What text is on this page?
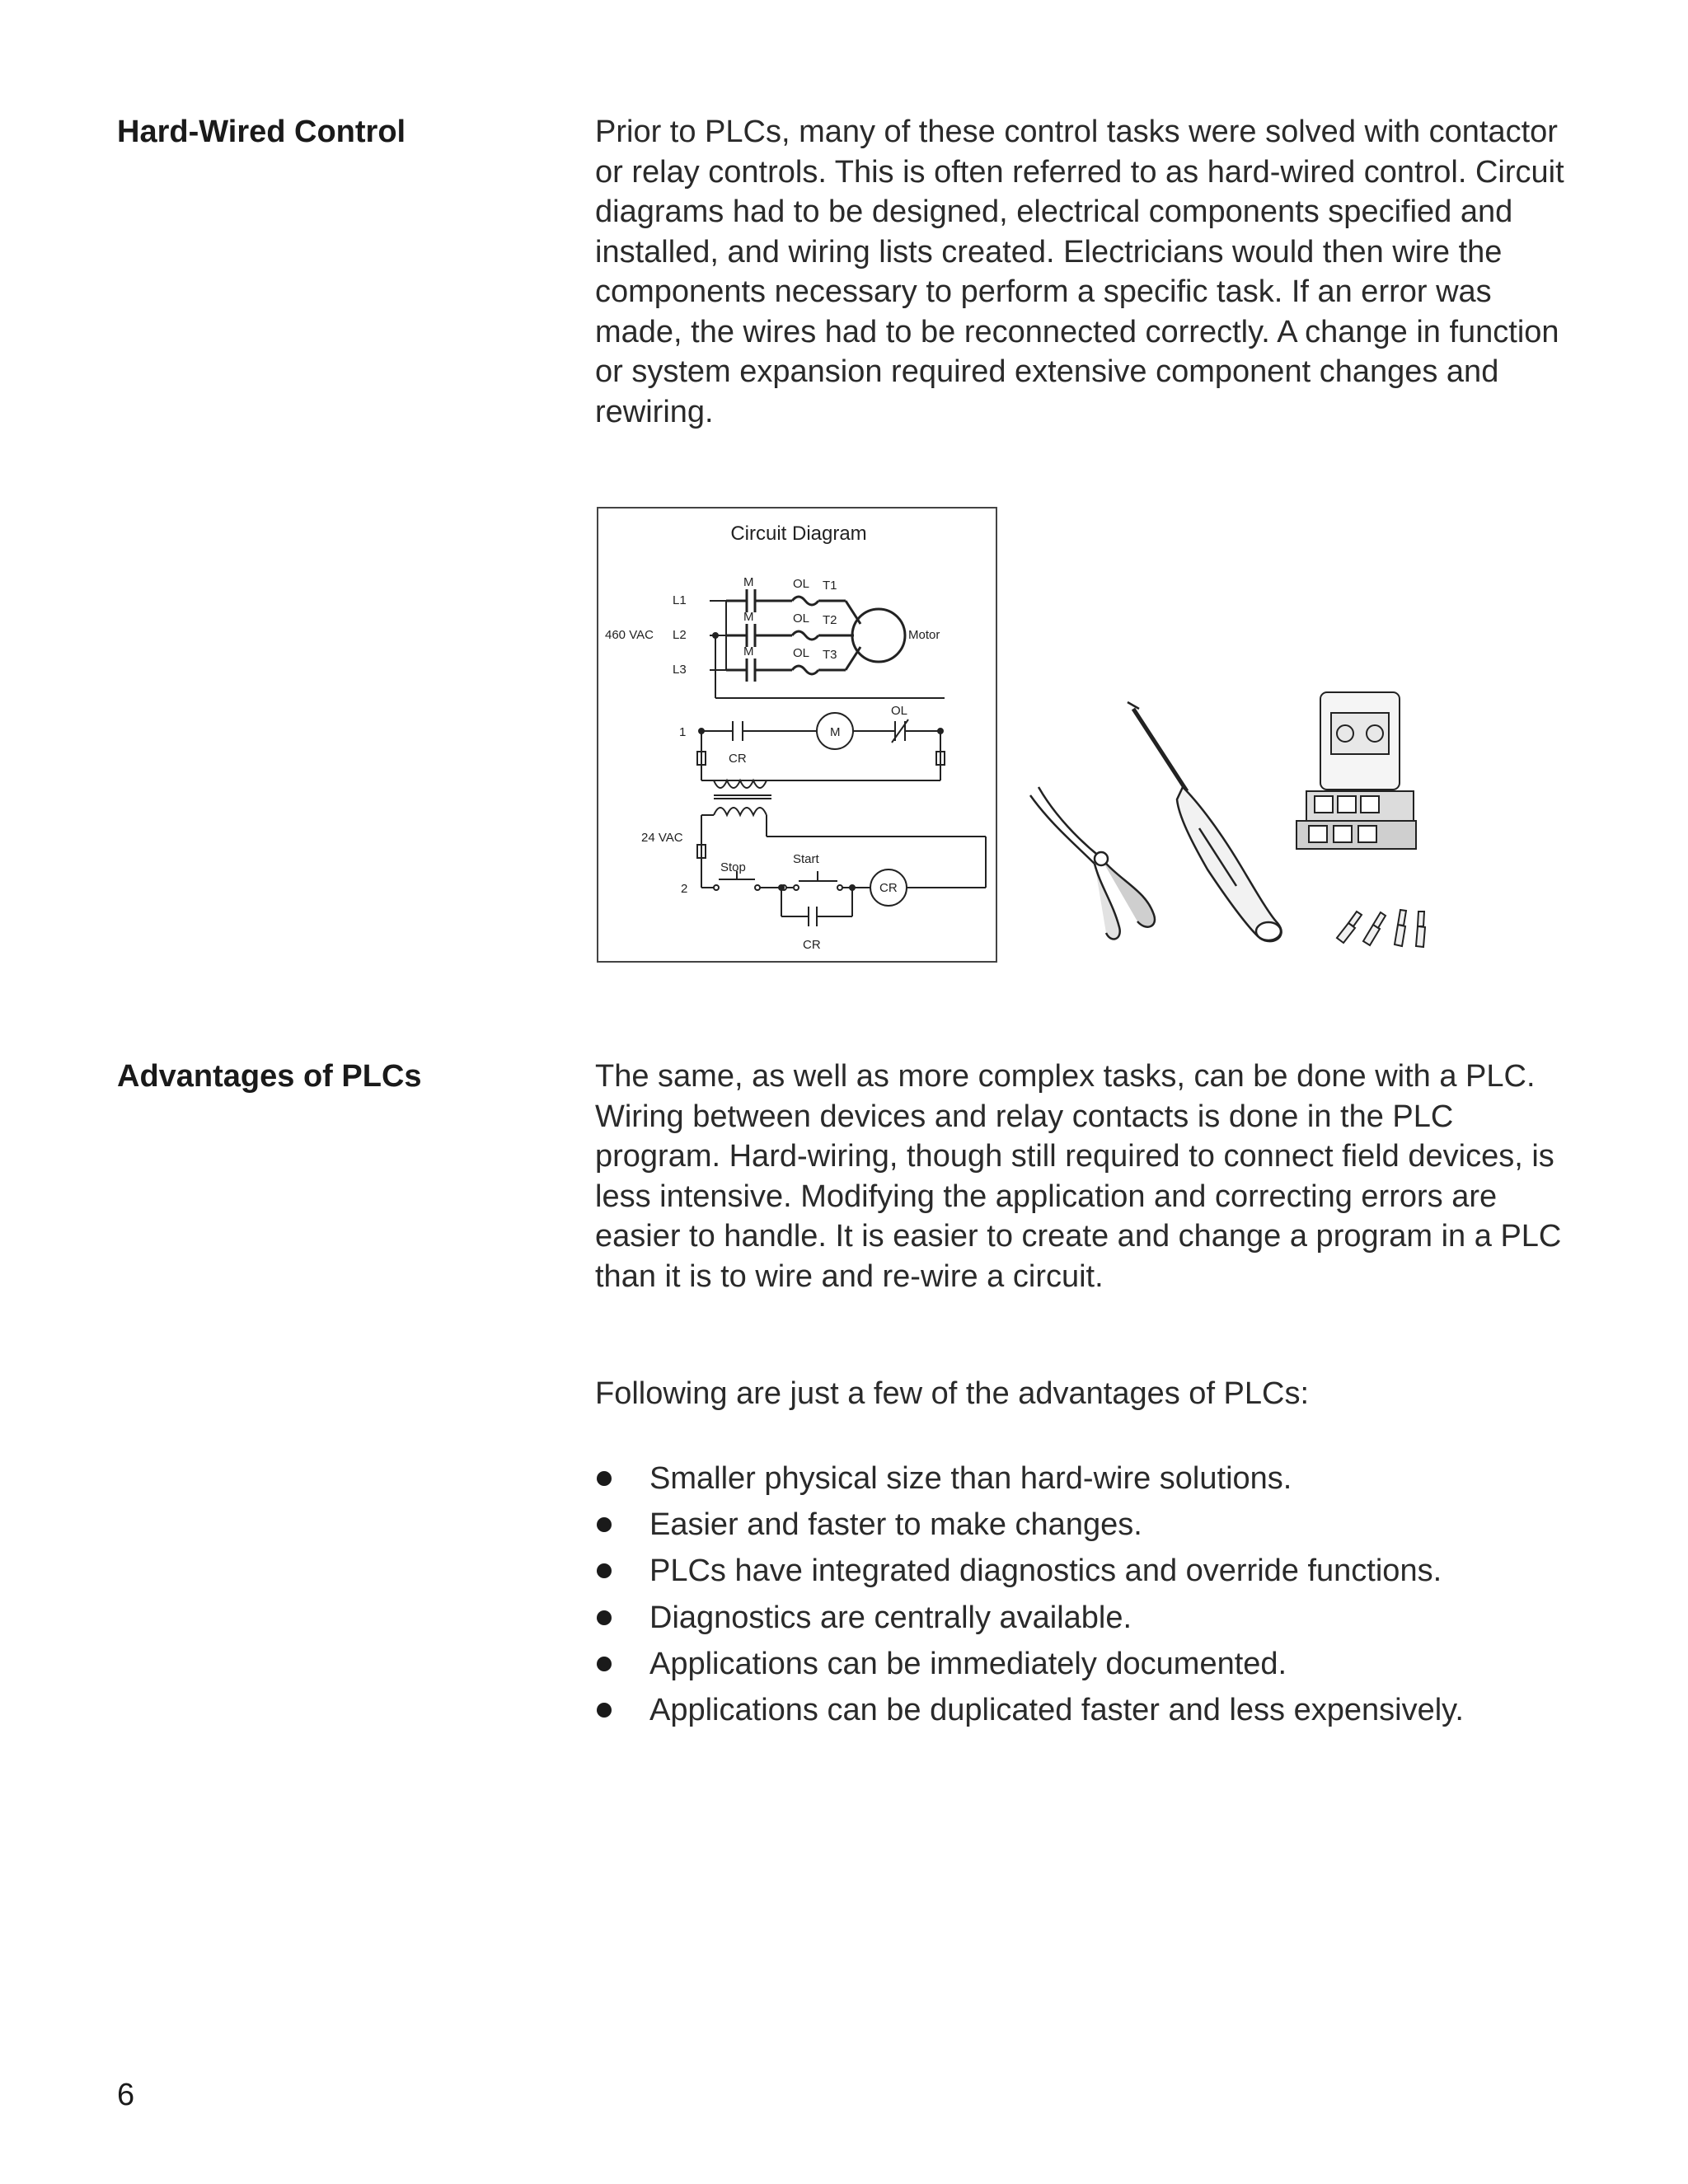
Hard-Wired Control	Prior to PLCs, many of these control tasks were solved with contactor or relay controls. This is often referred to as hard-wired control. Circuit diagrams had to be designed, electrical components specified and installed, and wiring lists created. Electricians would then wire the components necessary to perform a specific task. If an error was made, the wires had to be reconnected correctly. A change in function or system expansion required extensive component changes and rewiring.

Circuit Diagram
460 VAC
L1
L2
L3
M
M
M
OL
OL
OL
T1
T2
T3
Motor
1
CR
M
OL
24 VAC
2
Stop
Start
CR
CR
Advantages of PLCs	The same, as well as more complex tasks, can be done with a PLC. Wiring between devices and relay contacts is done in the PLC program. Hard-wiring, though still required to connect field devices, is less intensive. Modifying the application and correcting errors are easier to handle. It is easier to create and change a program in a PLC than it is to wire and re-wire a circuit.

Following are just a few of the advantages of PLCs:

Smaller physical size than hard-wire solutions.
Easier and faster to make changes.
PLCs have integrated diagnostics and override functions.
Diagnostics are centrally available.
Applications can be immediately documented.
Applications can be duplicated faster and less expensively.

6
